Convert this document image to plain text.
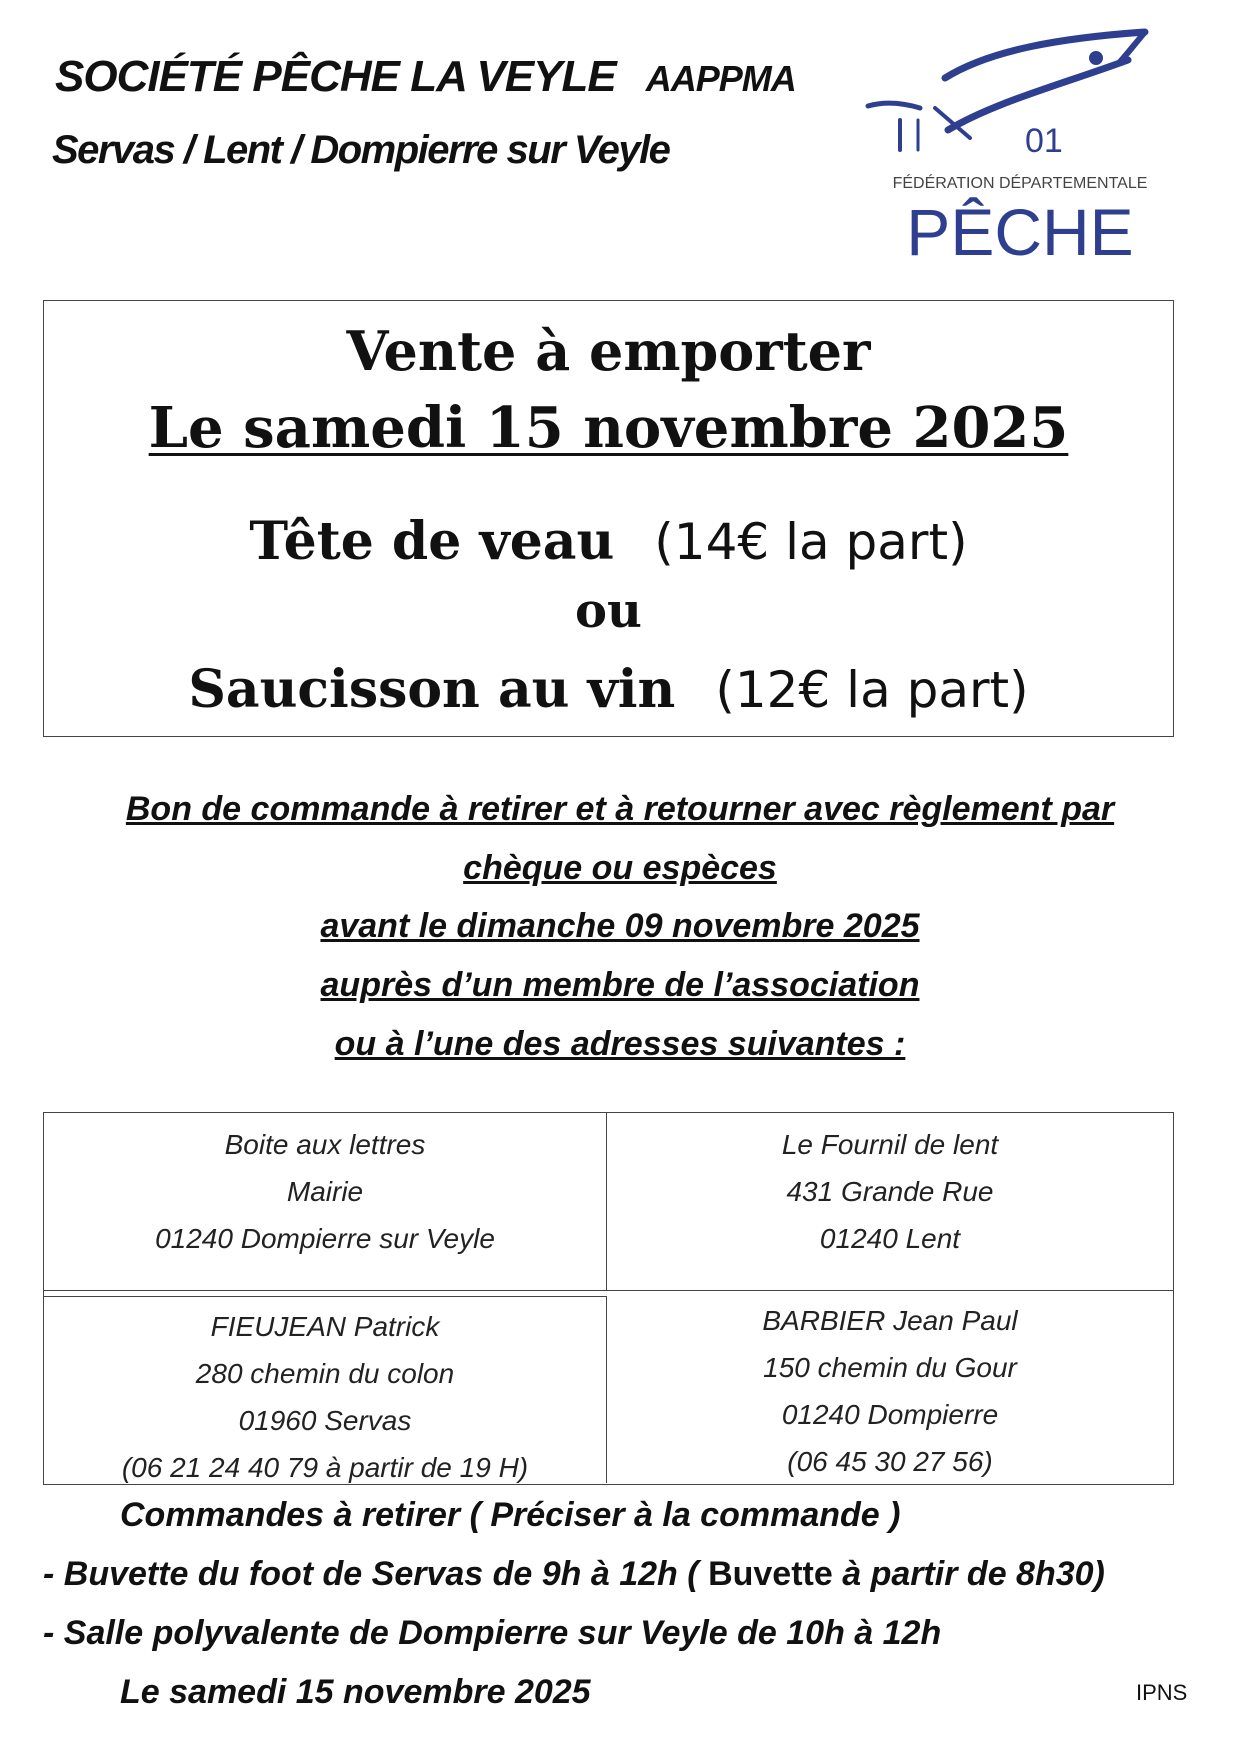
SOCIÉTÉ PÊCHE LA VEYLE AAPPMA
Servas / Lent / Dompierre sur Veyle	01
FÉDÉRATION DÉPARTEMENTALE
PÊCHE
Vente à emporter
Le samedi 15 novembre 2025
Tête de veau (14€ la part)
ou
Saucisson au vin (12€ la part)
Bon de commande à retirer et à retourner avec règlement par
chèque ou espèces
avant le dimanche 09 novembre 2025
auprès d’un membre de l’association
ou à l’une des adresses suivantes :
Boite aux lettres
Mairie
01240 Dompierre sur Veyle
Le Fournil de lent
431 Grande Rue
01240 Lent
FIEUJEAN Patrick
280 chemin du colon
01960 Servas
(06 21 24 40 79 à partir de 19 H)
BARBIER Jean Paul
150 chemin du Gour
01240 Dompierre
(06 45 30 27 56)
Commandes à retirer ( Préciser à la commande )
- Buvette du foot de Servas de 9h à 12h ( Buvette à partir de 8h30)
- Salle polyvalente de Dompierre sur Veyle de 10h à 12h
Le samedi 15 novembre 2025	IPNS
